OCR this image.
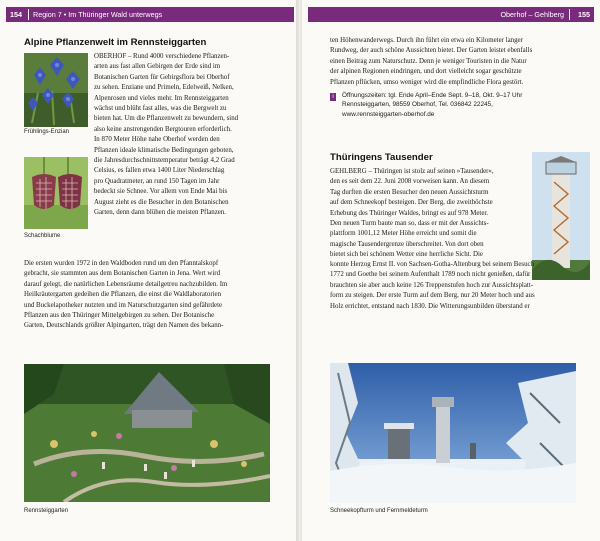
154 Region 7 • Im Thüringer Wald unterwegs
Alpine Pflanzenwelt im Rennsteiggarten
Frühlings-Enzian
Schachblume
OBERHOF – Rund 4000 verschiedene Pflanzen-
arten aus fast allen Gebirgen der Erde sind im
Botanischen Garten für Gebirgsflora bei Oberhof
zu sehen. Enziane und Primeln, Edelweiß, Nelken,
Alpenrosen und vieles mehr. Im Rennsteiggarten
wächst und blüht fast alles, was die Bergwelt zu
bieten hat. Um die Pflanzenwelt zu bewundern, sind
also keine anstrengenden Bergtouren erforderlich.
In 870 Meter Höhe nahe Oberhof werden den
Pflanzen ideale klimatische Bedingungen geboten,
die Jahresdurchschnittstemperatur beträgt 4,2 Grad
Celsius, es fallen etwa 1400 Liter Niederschlag
pro Quadratmeter, an rund 150 Tagen im Jahr
bedeckt sie Schnee. Vor allem von Ende Mai bis
August zieht es die Besucher in den Botanischen
Garten, denn dann blühen die meisten Pflanzen.
Die ersten wurden 1972 in den Waldboden rund um den Pfanntalskopf
gebracht, sie stammten aus dem Botanischen Garten in Jena. Wert wird
darauf gelegt, die natürlichen Lebensräume detailgetreu nachzubilden. Im
Heilkräutergarten gedeihen die Pflanzen, die einst die Waldlaboratorien
und Buckelapotheker nutzten und im Naturschutzgarten sind gefährdete
Pflanzen aus den Thüringer Mittelgebirgen zu sehen. Der Botanische
Garten, Deutschlands größter Alpingarten, trägt den Namen des bekann-
Rennsteiggarten
Oberhof – Gehlberg 155
ten Höhenwanderwegs. Durch ihn führt ein etwa ein Kilometer langer
Rundweg, der auch schöne Aussichten bietet. Der Garten leistet ebenfalls
einen Beitrag zum Naturschutz. Denn je weniger Touristen in die Natur
der alpinen Regionen eindringen, und dort vielleicht sogar geschützte
Pflanzen pflücken, umso weniger wird die empfindliche Flora gestört.
i	Öffnungszeiten: tgl. Ende April–Ende Sept. 9–18, Okt. 9–17 Uhr
Rennsteiggarten, 98559 Oberhof, Tel. 036842 22245,
www.rennsteiggarten-oberhof.de
Thüringens Tausender
GEHLBERG – Thüringen ist stolz auf seinen »Tausender«,
den es seit dem 22. Juni 2008 vorweisen kann. An diesem
Tag durften die ersten Besucher den neuen Aussichtsturm
auf dem Schneekopf besteigen. Der Berg, die zweithöchste
Erhebung des Thüringer Waldes, bringt es auf 978 Meter.
Den neuen Turm baute man so, dass er mit der Aussichts-
plattform 1001,12 Meter Höhe erreicht und somit die
magische Tausendergrenze überschreitet. Von dort oben
bietet sich bei schönem Wetter eine herrliche Sicht. Die
konnte Herzog Ernst II. von Sachsen-Gotha-Altenburg bei seinem Besuch
1772 und Goethe bei seinem Aufenthalt 1789 noch nicht genießen, dafür
brauchten sie aber auch keine 126 Treppenstufen hoch zur Aussichtsplatt-
form zu steigen. Der erste Turm auf dem Berg, nur 20 Meter hoch und aus
Holz errichtet, entstand nach 1830. Die Witterungsunbilden überstand er
Schneekopfturm und Fernmeldeturm
